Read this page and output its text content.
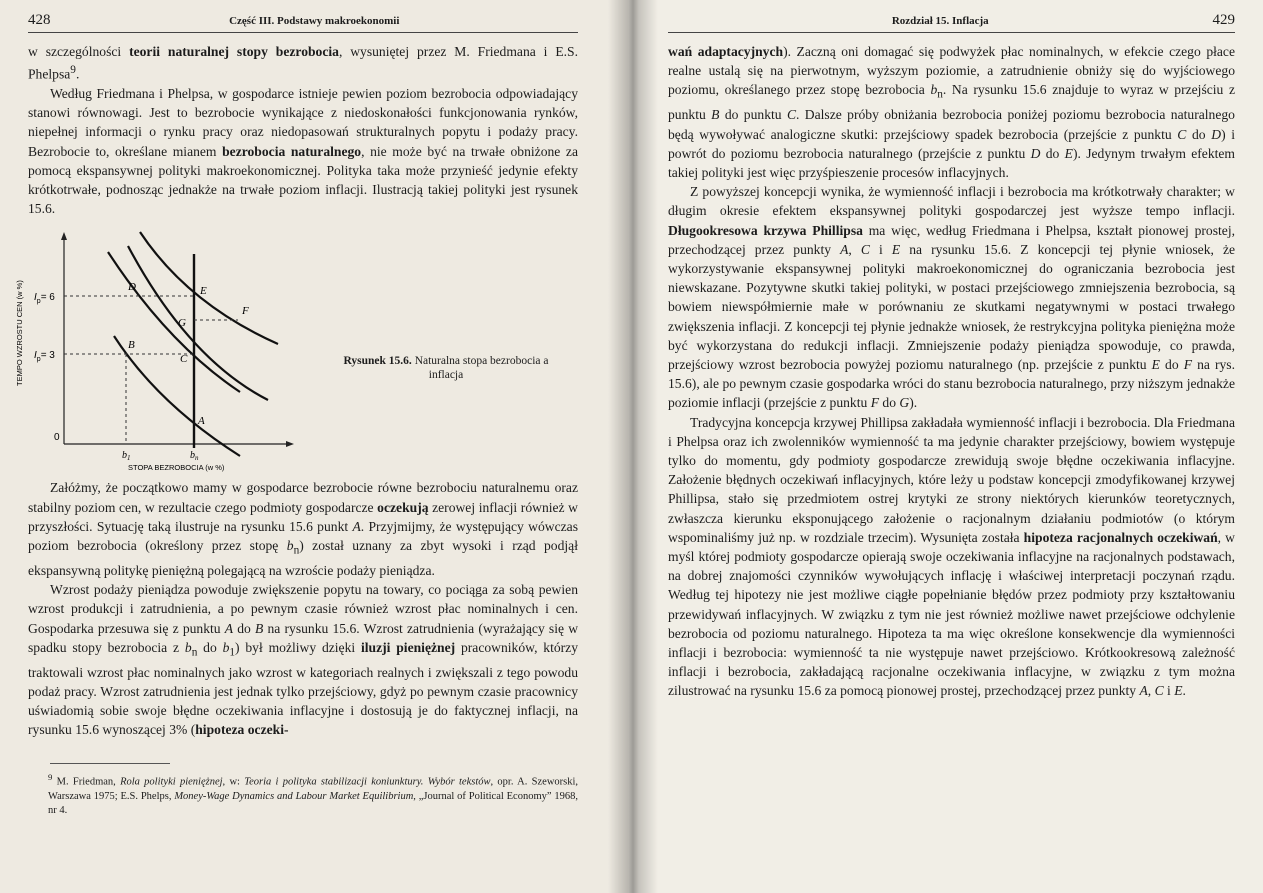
428	Część III. Podstawy makroekonomii

w szczególności teorii naturalnej stopy bezrobocia, wysuniętej przez M. Friedmana i E.S. Phelpsa$^9$.

Według Friedmana i Phelpsa, w gospodarce istnieje pewien poziom bezrobocia odpowiadający stanowi równowagi. Jest to bezrobocie wynikające z niedoskonałości funkcjonowania rynków, niepełnej informacji o rynku pracy oraz niedopasowań strukturalnych popytu i podaży pracy. Bezrobocie to, określane mianem bezrobocia naturalnego, nie może być na trwałe obniżone za pomocą ekspansywnej polityki makroekonomicznej. Polityka taka może przynieść jedynie efekty krótkotrwałe, podnosząc jednakże na trwałe poziom inflacji. Ilustracją takiej polityki jest rysunek 15.6.

D	E
F
G
B
C
A
$I_p= 6$
$I_p= 3$
0
$b_1$	$b_n$
STOPA BEZROBOCIA (w %)
TEMPO WZROSTU CEN (w %)	Rysunek 15.6. Naturalna stopa bezrobocia a inflacja

Załóżmy, że początkowo mamy w gospodarce bezrobocie równe bezrobociu naturalnemu oraz stabilny poziom cen, w rezultacie czego podmioty gospodarcze oczekują zerowej inflacji również w przyszłości. Sytuację taką ilustruje na rysunku 15.6 punkt A. Przyjmijmy, że występujący wówczas poziom bezrobocia (określony przez stopę $b_n$) został uznany za zbyt wysoki i rząd podjął ekspansywną politykę pieniężną polegającą na wzroście podaży pieniądza.

Wzrost podaży pieniądza powoduje zwiększenie popytu na towary, co pociąga za sobą pewien wzrost produkcji i zatrudnienia, a po pewnym czasie również wzrost płac nominalnych i cen. Gospodarka przesuwa się z punktu A do B na rysunku 15.6. Wzrost zatrudnienia (wyrażający się w spadku stopy bezrobocia z $b_n$ do $b_1$) był możliwy dzięki iluzji pieniężnej pracowników, którzy traktowali wzrost płac nominalnych jako wzrost w kategoriach realnych i zwiększali z tego powodu podaż pracy. Wzrost zatrudnienia jest jednak tylko przejściowy, gdyż po pewnym czasie pracownicy uświadomią sobie swoje błędne oczekiwania inflacyjne i dostosują je do faktycznej inflacji, na rysunku 15.6 wynoszącej 3% (hipoteza oczeki-

$^9$ M. Friedman, Rola polityki pieniężnej, w: Teoria i polityka stabilizacji koniunktury. Wybór tekstów, opr. A. Szeworski, Warszawa 1975; E.S. Phelps, Money-Wage Dynamics and Labour Market Equilibrium, „Journal of Political Economy” 1968, nr 4.
Rozdział 15. Inflacja	429

wań adaptacyjnych). Zaczną oni domagać się podwyżek płac nominalnych, w efekcie czego płace realne ustalą się na pierwotnym, wyższym poziomie, a zatrudnienie obniży się do wyjściowego poziomu, określanego przez stopę bezrobocia $b_n$. Na rysunku 15.6 znajduje to wyraz w przejściu z punktu B do punktu C. Dalsze próby obniżania bezrobocia poniżej poziomu bezrobocia naturalnego będą wywoływać analogiczne skutki: przejściowy spadek bezrobocia (przejście z punktu C do D) i powrót do poziomu bezrobocia naturalnego (przejście z punktu D do E). Jedynym trwałym efektem takiej polityki jest więc przyśpieszenie procesów inflacyjnych.

Z powyższej koncepcji wynika, że wymienność inflacji i bezrobocia ma krótkotrwały charakter; w długim okresie efektem ekspansywnej polityki gospodarczej jest wyższe tempo inflacji. Długookresowa krzywa Phillipsa ma więc, według Friedmana i Phelpsa, kształt pionowej prostej, przechodzącej przez punkty A, C i E na rysunku 15.6. Z koncepcji tej płynie wniosek, że wykorzystywanie ekspansywnej polityki makroekonomicznej do ograniczania bezrobocia jest niewskazane. Pozytywne skutki takiej polityki, w postaci przejściowego zmniejszenia bezrobocia, są bowiem niewspółmiernie małe w porównaniu ze skutkami negatywnymi w postaci trwałego zwiększenia inflacji. Z koncepcji tej płynie jednakże wniosek, że restrykcyjna polityka pieniężna może być wykorzystana do redukcji inflacji. Zmniejszenie podaży pieniądza spowoduje, co prawda, przejściowy wzrost bezrobocia powyżej poziomu naturalnego (np. przejście z punktu E do F na rys. 15.6), ale po pewnym czasie gospodarka wróci do stanu bezrobocia naturalnego, przy niższym jednakże poziomie inflacji (przejście z punktu F do G).

Tradycyjna koncepcja krzywej Phillipsa zakładała wymienność inflacji i bezrobocia. Dla Friedmana i Phelpsa oraz ich zwolenników wymienność ta ma jedynie charakter przejściowy, bowiem występuje tylko do momentu, gdy podmioty gospodarcze zrewidują swoje błędne oczekiwania inflacyjne. Założenie błędnych oczekiwań inflacyjnych, które leży u podstaw koncepcji zmodyfikowanej krzywej Phillipsa, stało się przedmiotem ostrej krytyki ze strony niektórych kierunków teoretycznych, zwłaszcza kierunku eksponującego założenie o racjonalnym działaniu podmiotów (o którym wspominaliśmy już np. w rozdziale trzecim). Wysunięta została hipoteza racjonalnych oczekiwań, w myśl której podmioty gospodarcze opierają swoje oczekiwania inflacyjne na racjonalnych podstawach, na dobrej znajomości czynników wywołujących inflację i właściwej interpretacji poczynań rządu. Według tej hipotezy nie jest możliwe ciągłe popełnianie błędów przez podmioty przy kształtowaniu przewidywań inflacyjnych. W związku z tym nie jest również możliwe nawet przejściowe odchylenie bezrobocia od poziomu naturalnego. Hipoteza ta ma więc określone konsekwencje dla wymienności inflacji i bezrobocia: wymienność ta nie występuje nawet przejściowo. Krótkookresową zależność inflacji i bezrobocia, zakładającą racjonalne oczekiwania inflacyjne, w związku z tym można zilustrować na rysunku 15.6 za pomocą pionowej prostej, przechodzącej przez punkty A, C i E.
